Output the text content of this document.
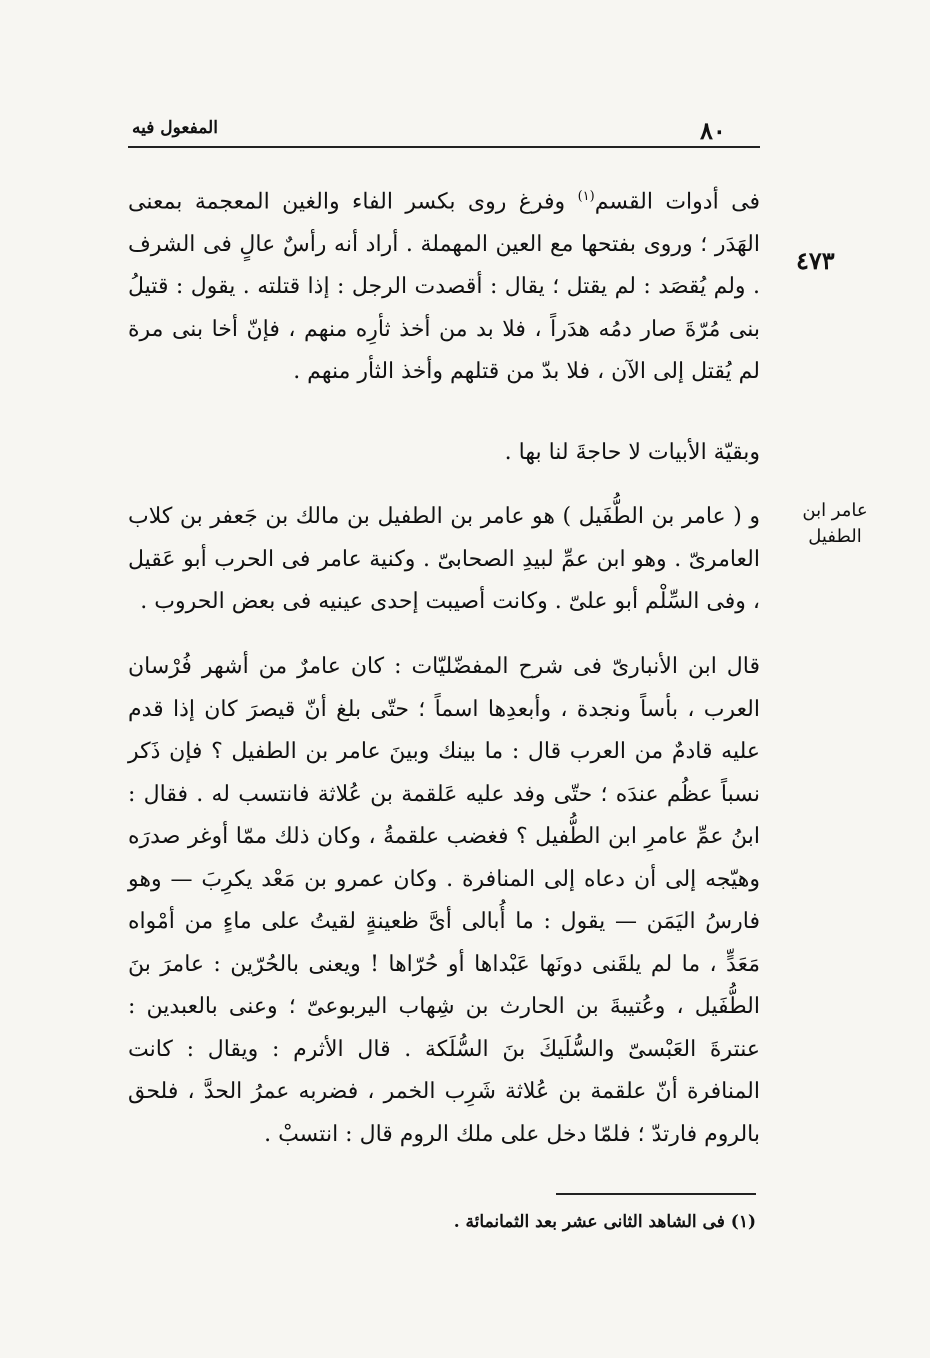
٨٠
المفعول فيه
٤٧٣
عامر ابن
الطفيل

فى أدوات القسم$^{(١)}$ وفرغ روى بكسر الفاء والغين المعجمة بمعنى الهَدَر ؛ وروى بفتحها مع العين المهملة . أراد أنه رأسٌ عالٍ فى الشرف . ولم يُقصَد : لم يقتل ؛ يقال : أقصدت الرجل : إذا قتلته . يقول : قتيلُ بنى مُرّةَ صار دمُه هدَراً ، فلا بد من أخذ ثأرِه منهم ، فإنّ أخا بنى مرة لم يُقتل إلى الآن ، فلا بدّ من قتلهم وأخذ الثأر منهم .

وبقيّة الأبيات لا حاجةَ لنا بها .

و ( عامر بن الطُّفَيل ) هو عامر بن الطفيل بن مالك بن جَعفر بن كلاب العامرىّ . وهو ابن عمِّ لبيدِ الصحابىّ . وكنية عامر فى الحرب أبو عَقيل ، وفى السِّلْم أبو علىّ . وكانت أصيبت إحدى عينيه فى بعض الحروب .

قال ابن الأنبارىّ فى شرح المفضّليّات : كان عامرٌ من أشهر فُرْسان العرب ، بأساً ونجدة ، وأبعدِها اسماً ؛ حتّى بلغ أنّ قيصرَ كان إذا قدم عليه قادمٌ من العرب قال : ما بينك وبينَ عامر بن الطفيل ؟ فإن ذَكر نسباً عظُم عندَه ؛ حتّى وفد عليه عَلقمة بن عُلاثة فانتسب له . فقال : ابنُ عمِّ عامرِ ابن الطُّفيل ؟ فغضب علقمةُ ، وكان ذلك ممّا أوغر صدرَه وهيّجه إلى أن دعاه إلى المنافرة . وكان عمرو بن مَعْد يكرِبَ — وهو فارسُ اليَمَن — يقول : ما أُبالى أىَّ ظعينةٍ لقيتُ على ماءٍ من أمْواه مَعَدٍّ ، ما لم يلقَنى دونَها عَبْداها أو حُرّاها ! ويعنى بالحُرّين : عامرَ بنَ الطُّفَيل ، وعُتيبةَ بن الحارث بن شِهاب اليربوعىّ ؛ وعنى بالعبدين : عنترةَ العَبْسىّ والسُّلَيكَ بنَ السُّلَكة . قال الأثرم : ويقال : كانت المنافرة أنّ علقمة بن عُلاثة شَرِب الخمر ، فضربه عمرُ الحدَّ ، فلحق بالروم فارتدّ ؛ فلمّا دخل على ملك الروم قال : انتسبْ .

(١) فى الشاهد الثانى عشر بعد الثمانمائة .
